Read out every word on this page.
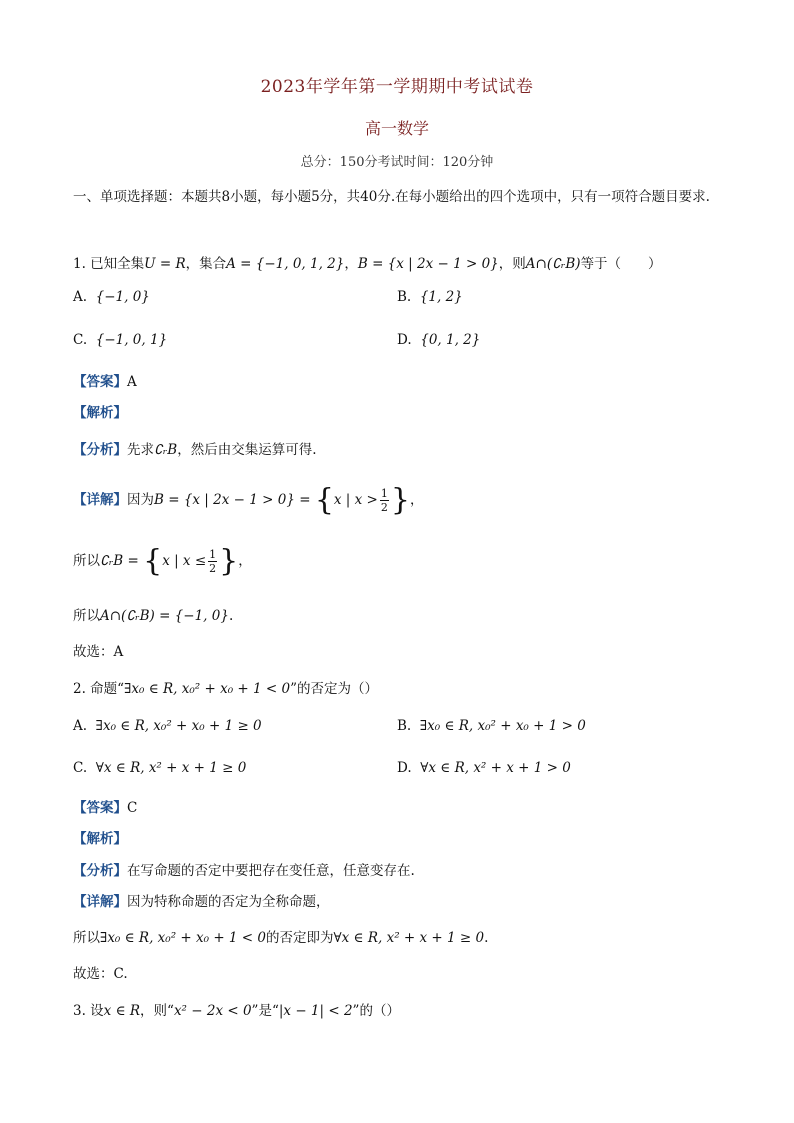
2023年学年第一学期期中考试试卷
高一数学
总分：150分考试时间：120分钟
一、单项选择题：本题共8小题，每小题5分，共40分.在每小题给出的四个选项中，只有一项符合题目要求.
1. 已知全集U = R，集合A = {−1, 0, 1, 2}，B = {x | 2x − 1 > 0}，则A∩(∁ᵣB)等于（　　）
A. {−1, 0}	B. {1, 2}
C. {−1, 0, 1}	D. {0, 1, 2}
【答案】A
【解析】
【分析】先求∁ᵣB，然后由交集运算可得.
【详解】因为B = {x | 2x − 1 > 0} = {x | $x > \frac{1}{2}$ }，
所以∁ᵣB = {x | $x \le \frac{1}{2}$ }，
所以A∩(∁ᵣB) = {−1, 0}.
故选：A
2. 命题“∃x₀ ∈ R, x₀² + x₀ + 1 < 0”的否定为（）
A. ∃x₀ ∈ R, x₀² + x₀ + 1 ≥ 0	B. ∃x₀ ∈ R, x₀² + x₀ + 1 > 0
C. ∀x ∈ R, x² + x + 1 ≥ 0	D. ∀x ∈ R, x² + x + 1 > 0
【答案】C
【解析】
【分析】在写命题的否定中要把存在变任意，任意变存在.
【详解】因为特称命题的否定为全称命题，
所以∃x₀ ∈ R, x₀² + x₀ + 1 < 0的否定即为∀x ∈ R, x² + x + 1 ≥ 0.
故选：C.
3. 设x ∈ R，则“x² − 2x < 0”是“|x − 1| < 2”的（）
